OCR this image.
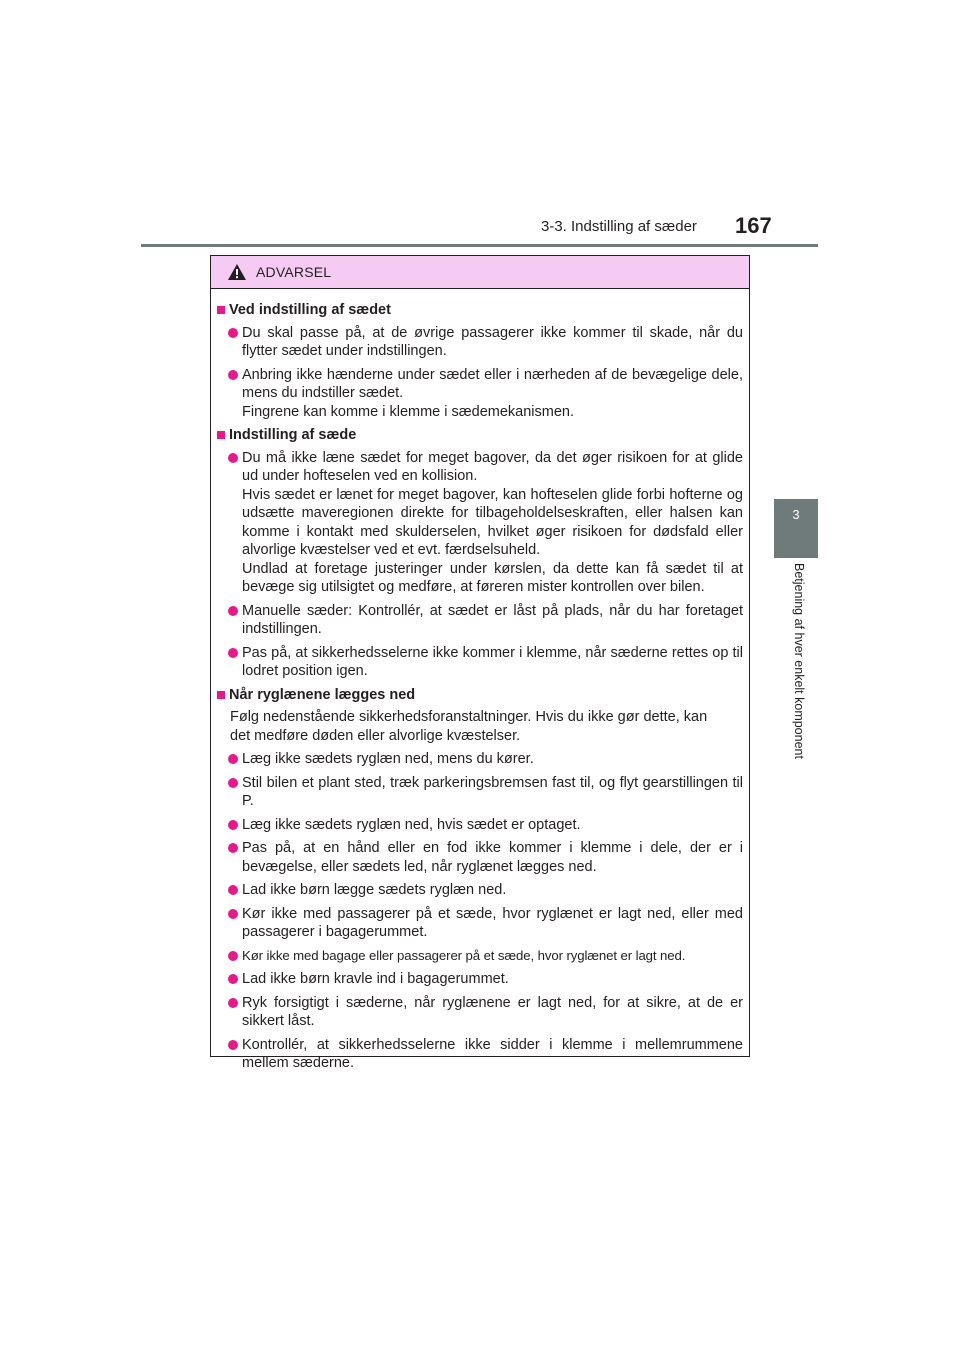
3-3. Indstilling af sæder 167
3
Betjening af hver enkelt komponent
ADVARSEL
Ved indstilling af sædet
Du skal passe på, at de øvrige passagerer ikke kommer til skade, når du flytter sædet under indstillingen.
Anbring ikke hænderne under sædet eller i nærheden af de bevægelige dele, mens du indstiller sædet.
Fingrene kan komme i klemme i sædemekanismen.
Indstilling af sæde
Du må ikke læne sædet for meget bagover, da det øger risikoen for at glide ud under hofteselen ved en kollision.
Hvis sædet er lænet for meget bagover, kan hofteselen glide forbi hofterne og udsætte maveregionen direkte for tilbageholdelseskraften, eller halsen kan komme i kontakt med skulderselen, hvilket øger risikoen for dødsfald eller alvorlige kvæstelser ved et evt. færdselsuheld.
Undlad at foretage justeringer under kørslen, da dette kan få sædet til at bevæge sig utilsigtet og medføre, at føreren mister kontrollen over bilen.
Manuelle sæder: Kontrollér, at sædet er låst på plads, når du har foretaget indstillingen.
Pas på, at sikkerhedsselerne ikke kommer i klemme, når sæderne rettes op til lodret position igen.
Når ryglænene lægges ned
Følg nedenstående sikkerhedsforanstaltninger. Hvis du ikke gør dette, kan
det medføre døden eller alvorlige kvæstelser.
Læg ikke sædets ryglæn ned, mens du kører.
Stil bilen et plant sted, træk parkeringsbremsen fast til, og flyt gearstillingen til P.
Læg ikke sædets ryglæn ned, hvis sædet er optaget.
Pas på, at en hånd eller en fod ikke kommer i klemme i dele, der er i bevægelse, eller sædets led, når ryglænet lægges ned.
Lad ikke børn lægge sædets ryglæn ned.
Kør ikke med passagerer på et sæde, hvor ryglænet er lagt ned, eller med passagerer i bagagerummet.
Kør ikke med bagage eller passagerer på et sæde, hvor ryglænet er lagt ned.
Lad ikke børn kravle ind i bagagerummet.
Ryk forsigtigt i sæderne, når ryglænene er lagt ned, for at sikre, at de er sikkert låst.
Kontrollér, at sikkerhedsselerne ikke sidder i klemme i mellemrummene mellem sæderne.
